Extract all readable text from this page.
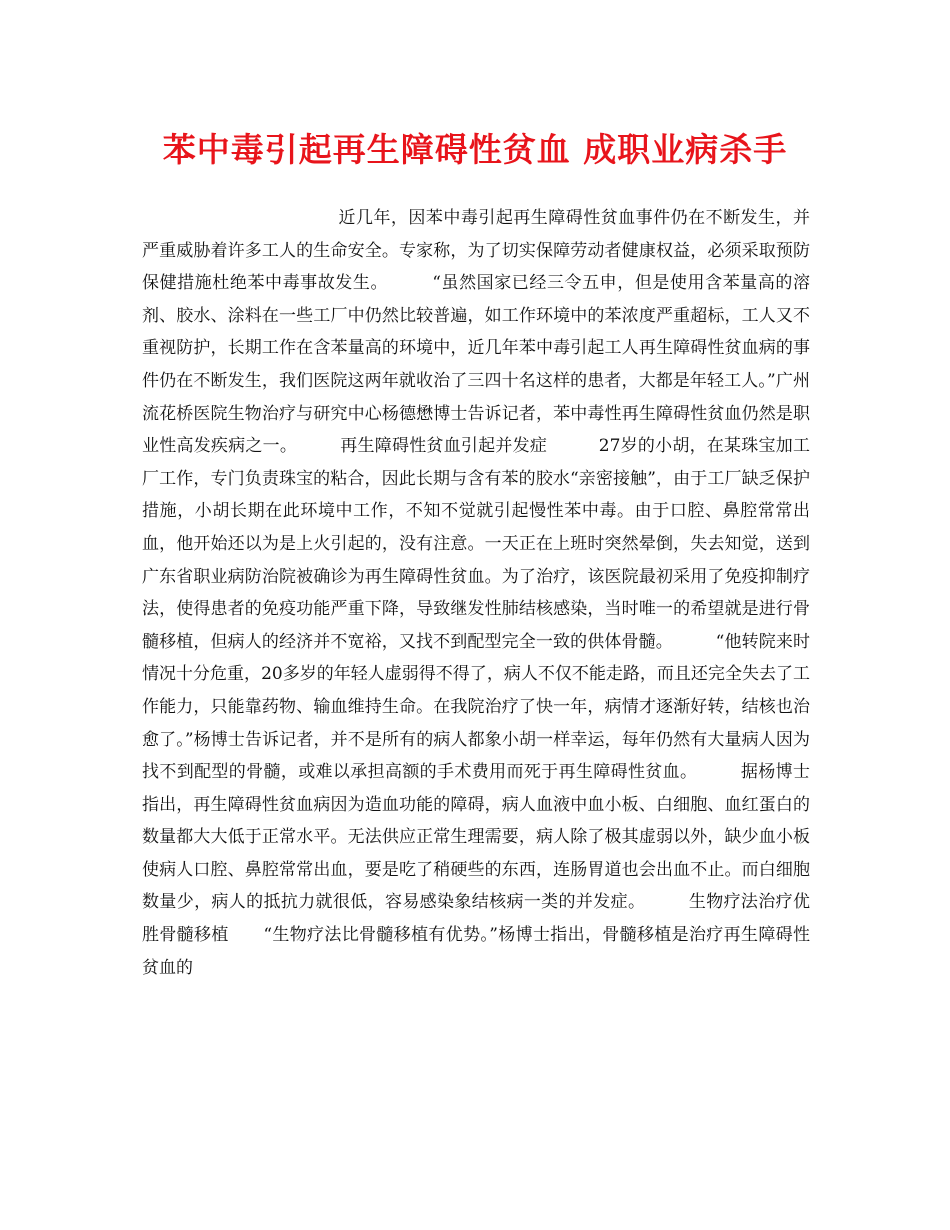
苯中毒引起再生障碍性贫血 成职业病杀手

近几年，因苯中毒引起再生障碍性贫血事件仍在不断发生，并严重威胁着许多工人的生命安全。专家称，为了切实保障劳动者健康权益，必须采取预防保健措施杜绝苯中毒事故发生。　　　“虽然国家已经三令五申，但是使用含苯量高的溶剂、胶水、涂料在一些工厂中仍然比较普遍，如工作环境中的苯浓度严重超标，工人又不重视防护，长期工作在含苯量高的环境中，近几年苯中毒引起工人再生障碍性贫血病的事件仍在不断发生，我们医院这两年就收治了三四十名这样的患者，大都是年轻工人。”广州流花桥医院生物治疗与研究中心杨德懋博士告诉记者，苯中毒性再生障碍性贫血仍然是职业性高发疾病之一。　　　再生障碍性贫血引起并发症　　　27岁的小胡，在某珠宝加工厂工作，专门负责珠宝的粘合，因此长期与含有苯的胶水“亲密接触”，由于工厂缺乏保护措施，小胡长期在此环境中工作，不知不觉就引起慢性苯中毒。由于口腔、鼻腔常常出血，他开始还以为是上火引起的，没有注意。一天正在上班时突然晕倒，失去知觉，送到广东省职业病防治院被确诊为再生障碍性贫血。为了治疗，该医院最初采用了免疫抑制疗法，使得患者的免疫功能严重下降，导致继发性肺结核感染，当时唯一的希望就是进行骨髓移植，但病人的经济并不宽裕，又找不到配型完全一致的供体骨髓。　　　“他转院来时情况十分危重，20多岁的年轻人虚弱得不得了，病人不仅不能走路，而且还完全失去了工作能力，只能靠药物、输血维持生命。在我院治疗了快一年，病情才逐渐好转，结核也治愈了。”杨博士告诉记者，并不是所有的病人都象小胡一样幸运，每年仍然有大量病人因为找不到配型的骨髓，或难以承担高额的手术费用而死于再生障碍性贫血。　　　据杨博士指出，再生障碍性贫血病因为造血功能的障碍，病人血液中血小板、白细胞、血红蛋白的数量都大大低于正常水平。无法供应正常生理需要，病人除了极其虚弱以外，缺少血小板使病人口腔、鼻腔常常出血，要是吃了稍硬些的东西，连肠胃道也会出血不止。而白细胞数量少，病人的抵抗力就很低，容易感染象结核病一类的并发症。　　　生物疗法治疗优胜骨髓移植　　“生物疗法比骨髓移植有优势。”杨博士指出，骨髓移植是治疗再生障碍性贫血的
